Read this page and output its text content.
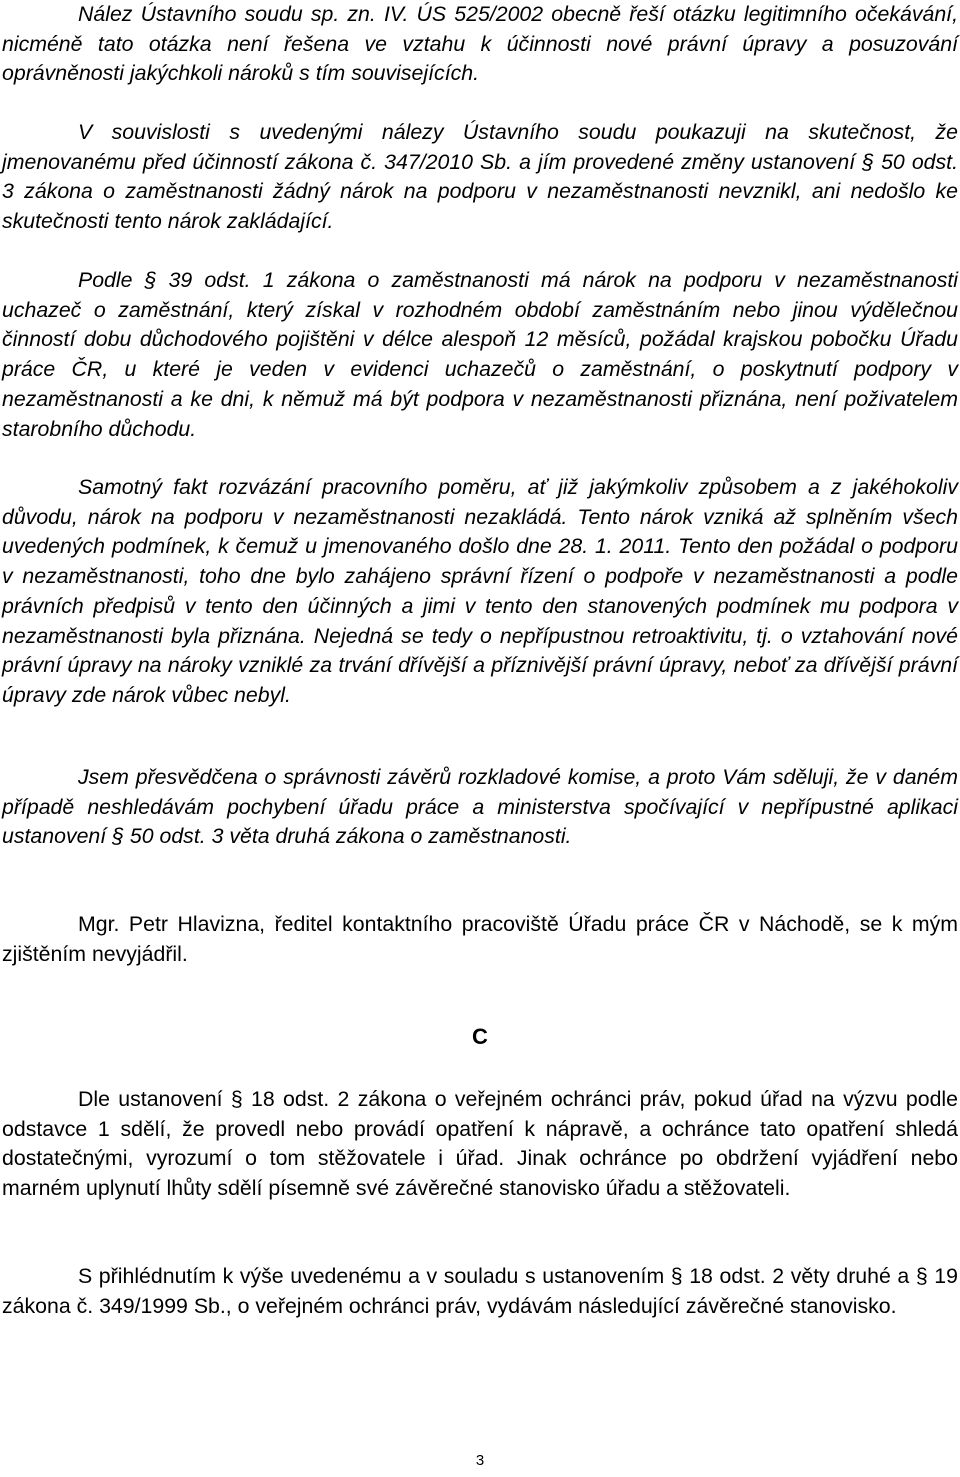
Nález Ústavního soudu sp. zn. IV. ÚS 525/2002 obecně řeší otázku legitimního očekávání, nicméně tato otázka není řešena ve vztahu k účinnosti nové právní úpravy a posuzování oprávněnosti jakýchkoli nároků s tím souvisejících.

V souvislosti s uvedenými nálezy Ústavního soudu poukazuji na skutečnost, že jmenovanému před účinností zákona č. 347/2010 Sb. a jím provedené změny ustanovení § 50 odst. 3 zákona o zaměstnanosti žádný nárok na podporu v nezaměstnanosti nevznikl, ani nedošlo ke skutečnosti tento nárok zakládající.

Podle § 39 odst. 1 zákona o zaměstnanosti má nárok na podporu v nezaměstnanosti uchazeč o zaměstnání, který získal v rozhodném období zaměstnáním nebo jinou výdělečnou činností dobu důchodového pojištěni v délce alespoň 12 měsíců, požádal krajskou pobočku Úřadu práce ČR, u které je veden v evidenci uchazečů o zaměstnání, o poskytnutí podpory v nezaměstnanosti a ke dni, k němuž má být podpora v nezaměstnanosti přiznána, není poživatelem starobního důchodu.

Samotný fakt rozvázání pracovního poměru, ať již jakýmkoliv způsobem a z jakéhokoliv důvodu, nárok na podporu v nezaměstnanosti nezakládá. Tento nárok vzniká až splněním všech uvedených podmínek, k čemuž u jmenovaného došlo dne 28. 1. 2011. Tento den požádal o podporu v nezaměstnanosti, toho dne bylo zahájeno správní řízení o podpoře v nezaměstnanosti a podle právních předpisů v tento den účinných a jimi v tento den stanovených podmínek mu podpora v nezaměstnanosti byla přiznána. Nejedná se tedy o nepřípustnou retroaktivitu, tj. o vztahování nové právní úpravy na nároky vzniklé za trvání dřívější a příznivější právní úpravy, neboť za dřívější právní úpravy zde nárok vůbec nebyl.

Jsem přesvědčena o správnosti závěrů rozkladové komise, a proto Vám sděluji, že v daném případě neshledávám pochybení úřadu práce a ministerstva spočívající v nepřípustné aplikaci ustanovení § 50 odst. 3 věta druhá zákona o zaměstnanosti.

Mgr. Petr Hlavizna, ředitel kontaktního pracoviště Úřadu práce ČR v Náchodě, se k mým zjištěním nevyjádřil.

C

Dle ustanovení § 18 odst. 2 zákona o veřejném ochránci práv, pokud úřad na výzvu podle odstavce 1 sdělí, že provedl nebo provádí opatření k nápravě, a ochránce tato opatření shledá dostatečnými, vyrozumí o tom stěžovatele i úřad. Jinak ochránce po obdržení vyjádření nebo marném uplynutí lhůty sdělí písemně své závěrečné stanovisko úřadu a stěžovateli.

S přihlédnutím k výše uvedenému a v souladu s ustanovením § 18 odst. 2 věty druhé a § 19 zákona č. 349/1999 Sb., o veřejném ochránci práv, vydávám následující závěrečné stanovisko.

3
